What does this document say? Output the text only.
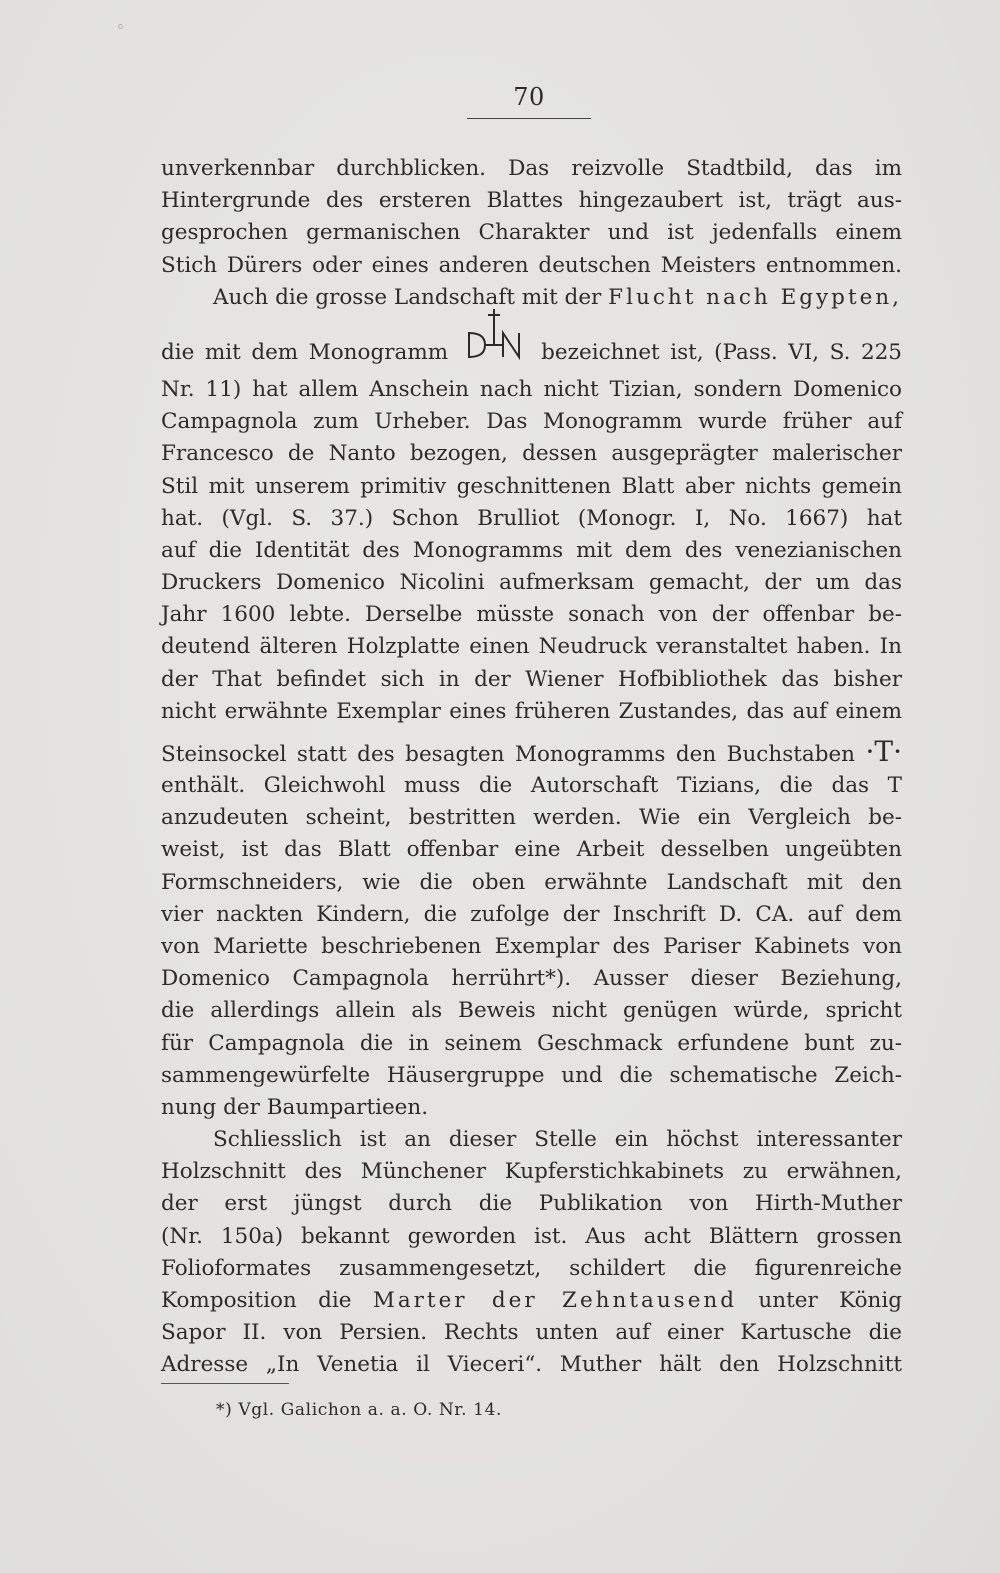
ﾟ
70
unverkennbar durchblicken. Das reizvolle Stadtbild, das im
Hintergrunde des ersteren Blattes hingezaubert ist, trägt aus-
gesprochen germanischen Charakter und ist jedenfalls einem
Stich Dürers oder eines anderen deutschen Meisters entnommen.
Auch die grosse Landschaft mit der Flucht nach Egypten,
die mit dem Monogramm	bezeichnet ist, (Pass. VI, S. 225
Nr. 11) hat allem Anschein nach nicht Tizian, sondern Domenico
Campagnola zum Urheber. Das Monogramm wurde früher auf
Francesco de Nanto bezogen, dessen ausgeprägter malerischer
Stil mit unserem primitiv geschnittenen Blatt aber nichts gemein
hat. (Vgl. S. 37.) Schon Brulliot (Monogr. I, No. 1667) hat
auf die Identität des Monogramms mit dem des venezianischen
Druckers Domenico Nicolini aufmerksam gemacht, der um das
Jahr 1600 lebte. Derselbe müsste sonach von der offenbar be-
deutend älteren Holzplatte einen Neudruck veranstaltet haben. In
der That befindet sich in der Wiener Hofbibliothek das bisher
nicht erwähnte Exemplar eines früheren Zustandes, das auf einem
Steinsockel statt des besagten Monogramms den Buchstaben ·T·
enthält. Gleichwohl muss die Autorschaft Tizians, die das T
anzudeuten scheint, bestritten werden. Wie ein Vergleich be-
weist, ist das Blatt offenbar eine Arbeit desselben ungeübten
Formschneiders, wie die oben erwähnte Landschaft mit den
vier nackten Kindern, die zufolge der Inschrift D. CA. auf dem
von Mariette beschriebenen Exemplar des Pariser Kabinets von
Domenico Campagnola herrührt*). Ausser dieser Beziehung,
die allerdings allein als Beweis nicht genügen würde, spricht
für Campagnola die in seinem Geschmack erfundene bunt zu-
sammengewürfelte Häusergruppe und die schematische Zeich-
nung der Baumpartieen.
Schliesslich ist an dieser Stelle ein höchst interessanter
Holzschnitt des Münchener Kupferstichkabinets zu erwähnen,
der erst jüngst durch die Publikation von Hirth-Muther
(Nr. 150a) bekannt geworden ist. Aus acht Blättern grossen
Folioformates zusammengesetzt, schildert die figurenreiche
Komposition die Marter der Zehntausend unter König
Sapor II. von Persien. Rechts unten auf einer Kartusche die
Adresse „In Venetia il Vieceri“. Muther hält den Holzschnitt
*) Vgl. Galichon a. a. O. Nr. 14.
